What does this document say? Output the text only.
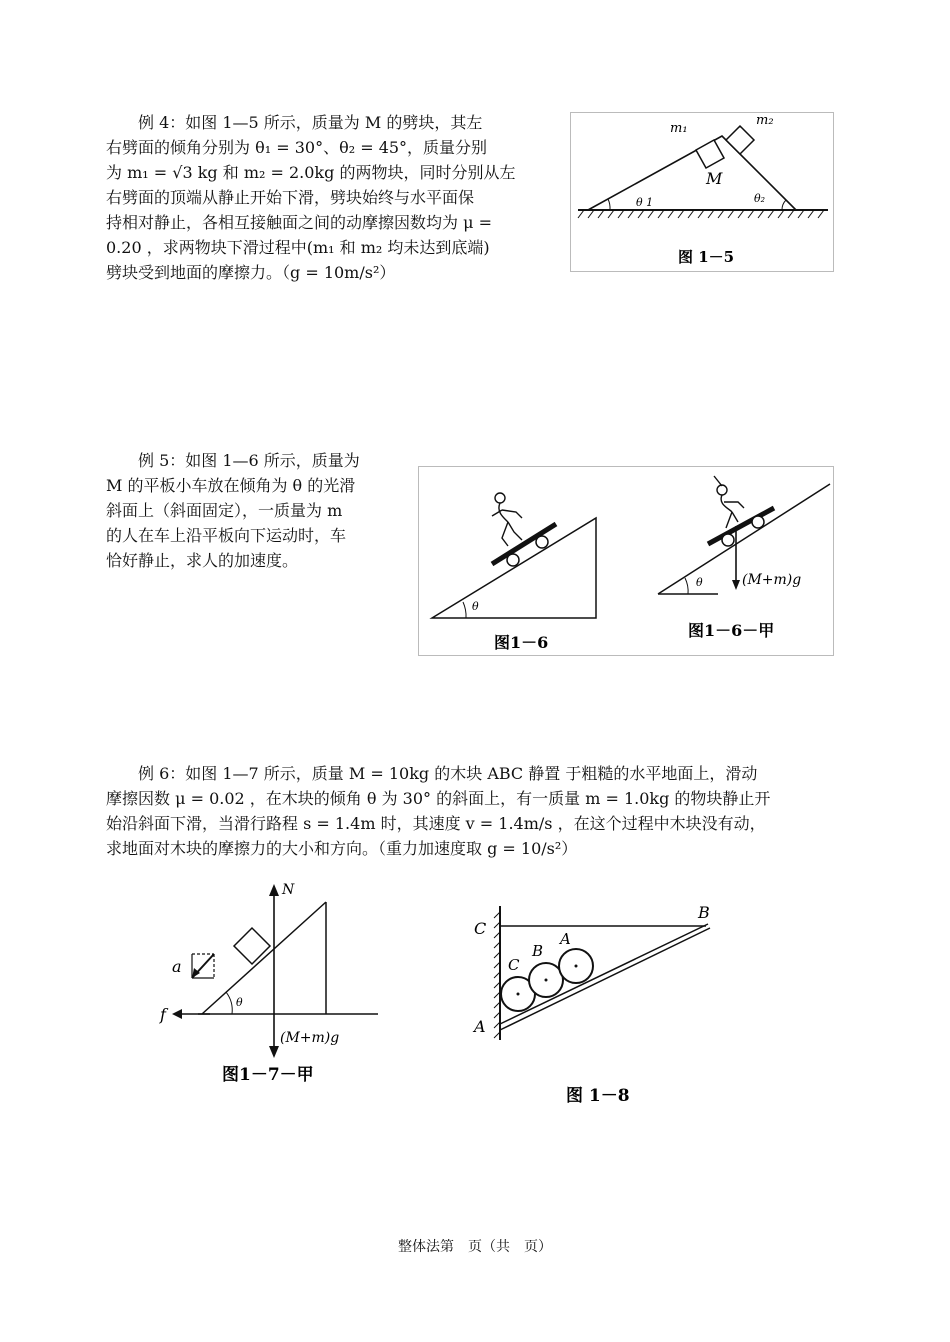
　　例 4：如图 1—5 所示，质量为 M 的劈块，其左
右劈面的倾角分别为 θ₁ = 30°、θ₂ = 45°，质量分别
为 m₁ = √3 kg 和 m₂ = 2.0kg 的两物块，同时分别从左
右劈面的顶端从静止开始下滑，劈块始终与水平面保
持相对静止，各相互接触面之间的动摩擦因数均为 μ =
0.20 ，求两物块下滑过程中(m₁ 和 m₂ 均未达到底端)
劈块受到地面的摩擦力。（g = 10m/s²）
m₁
m₂
M
θ 1	θ₂
图 1－5
　　例 5：如图 1—6 所示，质量为
M 的平板小车放在倾角为 θ 的光滑
斜面上（斜面固定），一质量为 m
的人在车上沿平板向下运动时，车
恰好静止，求人的加速度。
θ
θ	(M+m)g
图1－6
图1－6－甲
　　例 6：如图 1—7 所示，质量 M = 10kg 的木块 ABC 静置 于粗糙的水平地面上，滑动
摩擦因数 μ = 0.02 ，在木块的倾角 θ 为 30° 的斜面上，有一质量 m = 1.0kg 的物块静止开
始沿斜面下滑，当滑行路程 s = 1.4m 时，其速度 v = 1.4m/s ，在这个过程中木块没有动，
求地面对木块的摩擦力的大小和方向。（重力加速度取 g = 10/s²）
θ
N
(M+m)g
f
a
图1－7－甲
C
B
A
C
B
A
图 1－8
整体法第　页（共　页）
